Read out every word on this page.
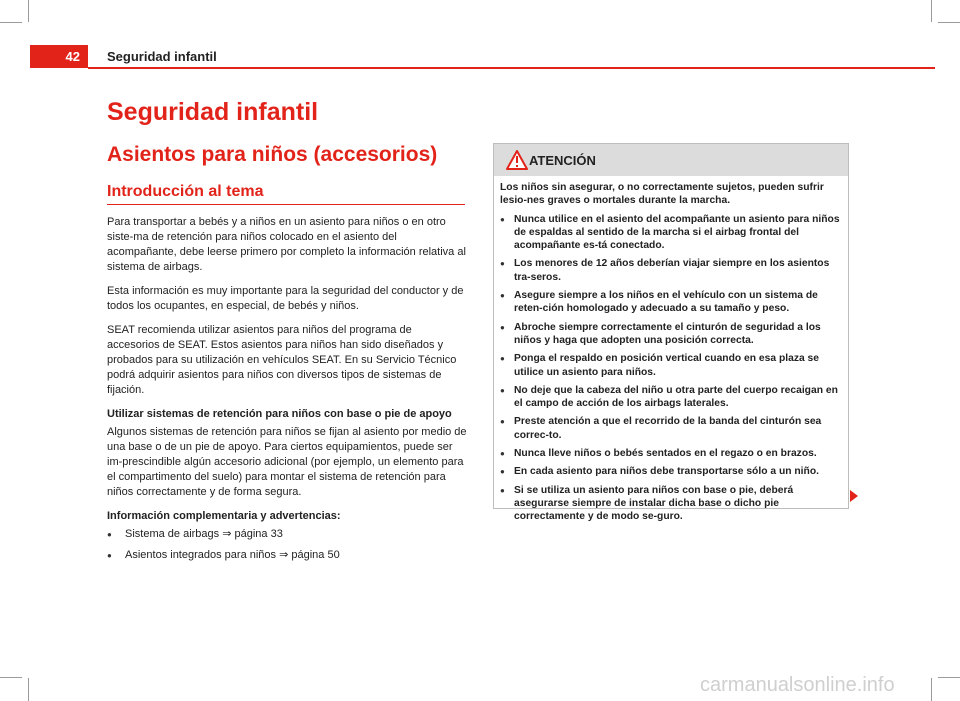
42	Seguridad infantil
Seguridad infantil
Asientos para niños (accesorios)
Introducción al tema

Para transportar a bebés y a niños en un asiento para niños o en otro siste-ma de retención para niños colocado en el asiento del acompañante, debe leerse primero por completo la información relativa al sistema de airbags.

Esta información es muy importante para la seguridad del conductor y de todos los ocupantes, en especial, de bebés y niños.

SEAT recomienda utilizar asientos para niños del programa de accesorios de SEAT. Estos asientos para niños han sido diseñados y probados para su utilización en vehículos SEAT. En su Servicio Técnico podrá adquirir asientos para niños con diversos tipos de sistemas de fijación.

Utilizar sistemas de retención para niños con base o pie de apoyo

Algunos sistemas de retención para niños se fijan al asiento por medio de una base o de un pie de apoyo. Para ciertos equipamientos, puede ser im-prescindible algún accesorio adicional (por ejemplo, un elemento para el compartimento del suelo) para montar el sistema de retención para niños correctamente y de forma segura.

Información complementaria y advertencias:

● Sistema de airbags ⇒ página 33
● Asientos integrados para niños ⇒ página 50
ATENCIÓN

Los niños sin asegurar, o no correctamente sujetos, pueden sufrir lesio-nes graves o mortales durante la marcha.

● Nunca utilice en el asiento del acompañante un asiento para niños de espaldas al sentido de la marcha si el airbag frontal del acompañante es-tá conectado.

● Los menores de 12 años deberían viajar siempre en los asientos tra-seros.

● Asegure siempre a los niños en el vehículo con un sistema de reten-ción homologado y adecuado a su tamaño y peso.

● Abroche siempre correctamente el cinturón de seguridad a los niños y haga que adopten una posición correcta.

● Ponga el respaldo en posición vertical cuando en esa plaza se utilice un asiento para niños.

● No deje que la cabeza del niño u otra parte del cuerpo recaigan en el campo de acción de los airbags laterales.

● Preste atención a que el recorrido de la banda del cinturón sea correc-to.

● Nunca lleve niños o bebés sentados en el regazo o en brazos.

● En cada asiento para niños debe transportarse sólo a un niño.

● Si se utiliza un asiento para niños con base o pie, deberá asegurarse siempre de instalar dicha base o dicho pie correctamente y de modo se-guro.

carmanualsonline.info
